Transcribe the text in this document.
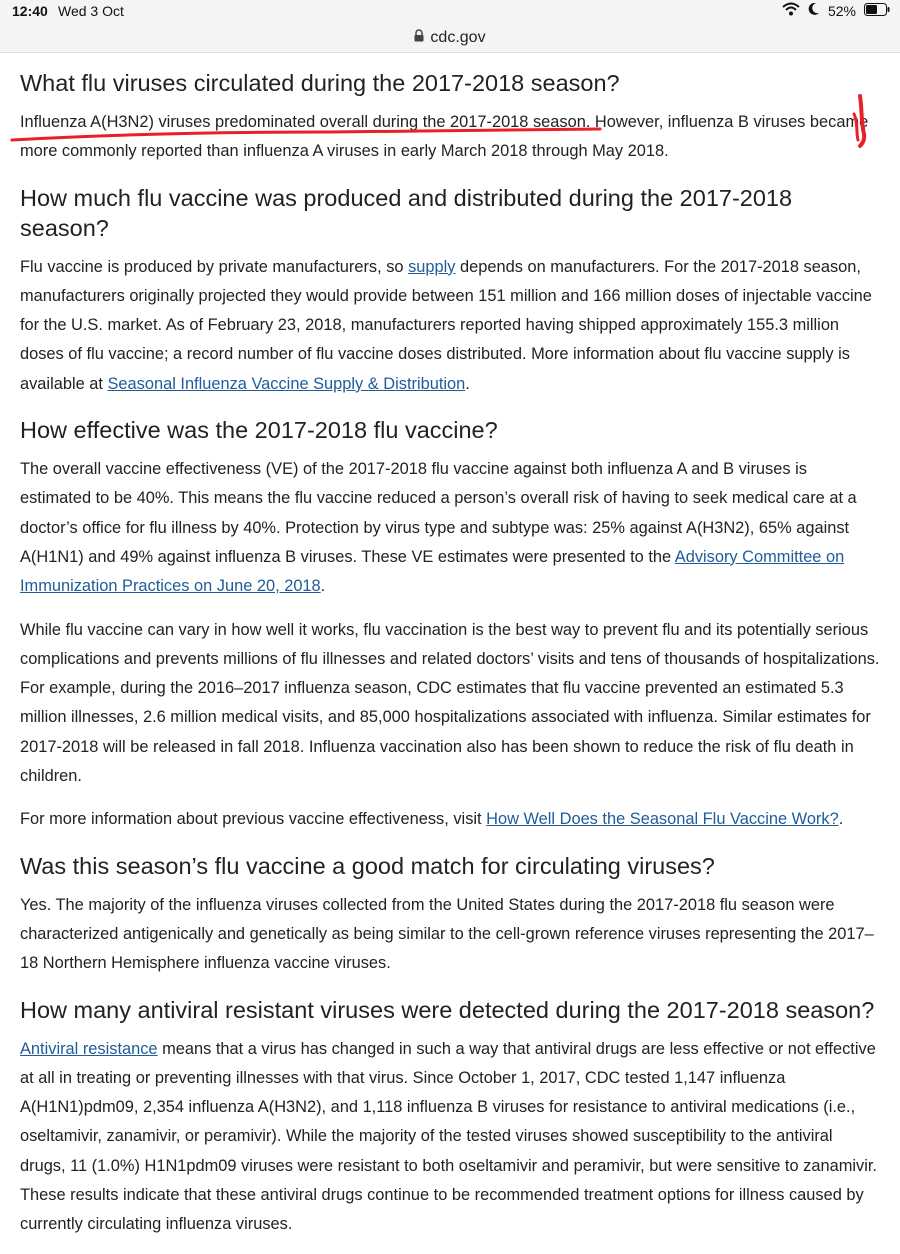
12:40 Wed 3 Oct	52%
cdc.gov
What flu viruses circulated during the 2017-2018 season?

Influenza A(H3N2) viruses predominated overall during the 2017-2018 season. However, influenza B viruses became more commonly reported than influenza A viruses in early March 2018 through May 2018.

How much flu vaccine was produced and distributed during the 2017-2018 season?

Flu vaccine is produced by private manufacturers, so supply depends on manufacturers. For the 2017-2018 season, manufacturers originally projected they would provide between 151 million and 166 million doses of injectable vaccine for the U.S. market. As of February 23, 2018, manufacturers reported having shipped approximately 155.3 million doses of flu vaccine; a record number of flu vaccine doses distributed. More information about flu vaccine supply is available at Seasonal Influenza Vaccine Supply & Distribution.

How effective was the 2017-2018 flu vaccine?

The overall vaccine effectiveness (VE) of the 2017-2018 flu vaccine against both influenza A and B viruses is estimated to be 40%. This means the flu vaccine reduced a person’s overall risk of having to seek medical care at a doctor’s office for flu illness by 40%. Protection by virus type and subtype was: 25% against A(H3N2), 65% against A(H1N1) and 49% against influenza B viruses. These VE estimates were presented to the Advisory Committee on Immunization Practices on June 20, 2018.

While flu vaccine can vary in how well it works, flu vaccination is the best way to prevent flu and its potentially serious complications and prevents millions of flu illnesses and related doctors’ visits and tens of thousands of hospitalizations. For example, during the 2016–2017 influenza season, CDC estimates that flu vaccine prevented an estimated 5.3 million illnesses, 2.6 million medical visits, and 85,000 hospitalizations associated with influenza. Similar estimates for 2017-2018 will be released in fall 2018. Influenza vaccination also has been shown to reduce the risk of flu death in children.

For more information about previous vaccine effectiveness, visit How Well Does the Seasonal Flu Vaccine Work?.

Was this season’s flu vaccine a good match for circulating viruses?

Yes. The majority of the influenza viruses collected from the United States during the 2017-2018 flu season were characterized antigenically and genetically as being similar to the cell-grown reference viruses representing the 2017–18 Northern Hemisphere influenza vaccine viruses.

How many antiviral resistant viruses were detected during the 2017-2018 season?

Antiviral resistance means that a virus has changed in such a way that antiviral drugs are less effective or not effective at all in treating or preventing illnesses with that virus. Since October 1, 2017, CDC tested 1,147 influenza A(H1N1)pdm09, 2,354 influenza A(H3N2), and 1,118 influenza B viruses for resistance to antiviral medications (i.e., oseltamivir, zanamivir, or peramivir). While the majority of the tested viruses showed susceptibility to the antiviral drugs, 11 (1.0%) H1N1pdm09 viruses were resistant to both oseltamivir and peramivir, but were sensitive to zanamivir. These results indicate that these antiviral drugs continue to be recommended treatment options for illness caused by currently circulating influenza viruses.
